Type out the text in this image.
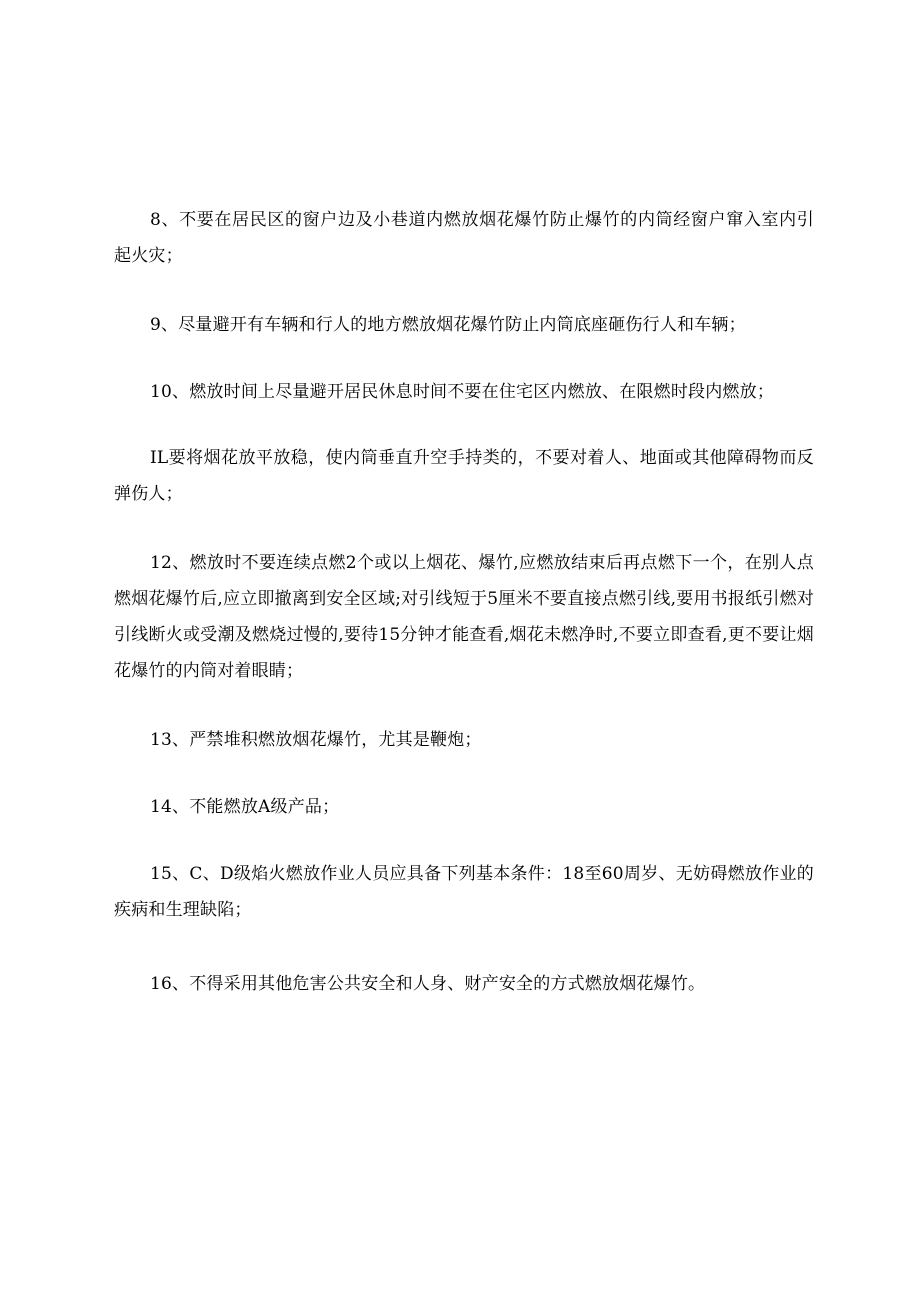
8、不要在居民区的窗户边及小巷道内燃放烟花爆竹防止爆竹的内筒经窗户窜入室内引起火灾；

9、尽量避开有车辆和行人的地方燃放烟花爆竹防止内筒底座砸伤行人和车辆；

10、燃放时间上尽量避开居民休息时间不要在住宅区内燃放、在限燃时段内燃放；

IL要将烟花放平放稳，使内筒垂直升空手持类的，不要对着人、地面或其他障碍物而反弹伤人；

12、燃放时不要连续点燃2个或以上烟花、爆竹,应燃放结束后再点燃下一个，在别人点燃烟花爆竹后,应立即撤离到安全区域;对引线短于5厘米不要直接点燃引线,要用书报纸引燃对引线断火或受潮及燃烧过慢的,要待15分钟才能查看,烟花未燃净时,不要立即查看,更不要让烟花爆竹的内筒对着眼睛；

13、严禁堆积燃放烟花爆竹，尤其是鞭炮；

14、不能燃放A级产品；

15、C、D级焰火燃放作业人员应具备下列基本条件：18至60周岁、无妨碍燃放作业的疾病和生理缺陷；

16、不得采用其他危害公共安全和人身、财产安全的方式燃放烟花爆竹。
